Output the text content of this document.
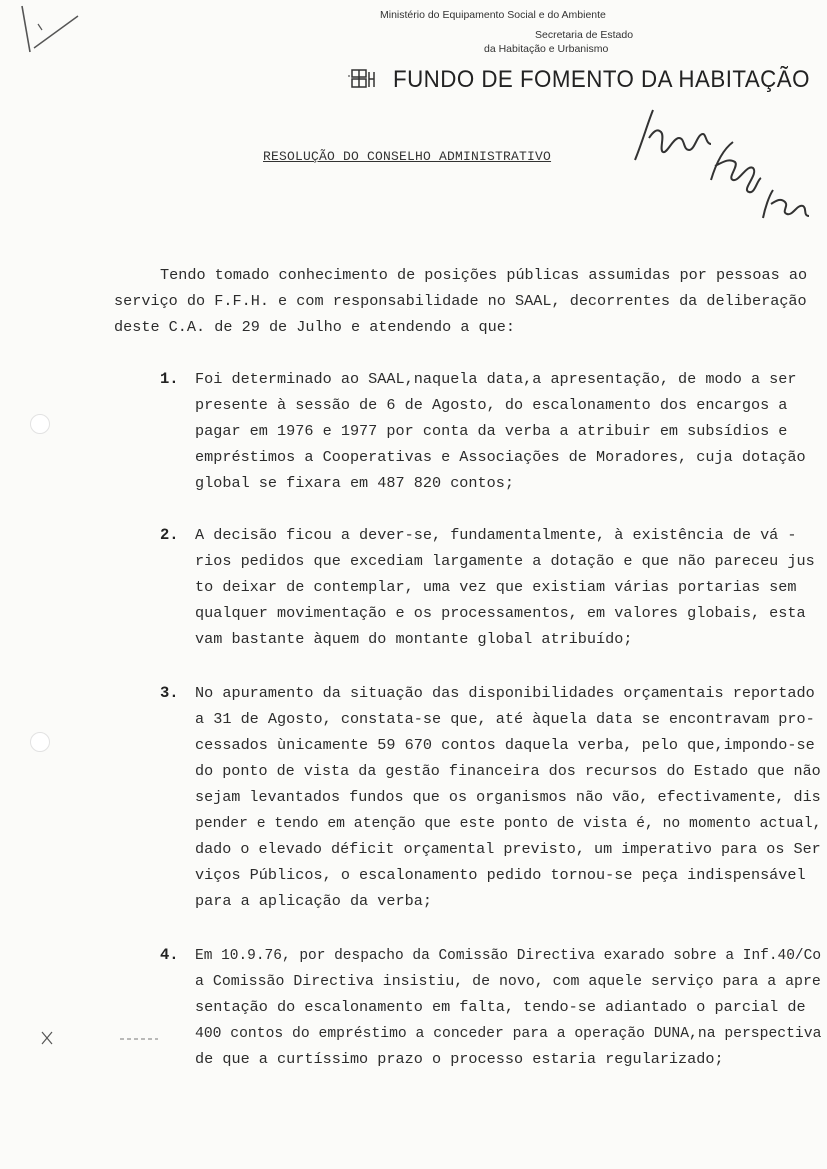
Ministério do Equipamento Social e do Ambiente
Secretaria de Estado
da Habitação e Urbanismo
FUNDO DE FOMENTO DA HABITAÇÃO
RESOLUÇÃO DO CONSELHO ADMINISTRATIVO
Tendo tomado conhecimento de posições públicas assumidas por pessoas ao
serviço do F.F.H. e com responsabilidade no SAAL, decorrentes da deliberação
deste C.A. de 29 de Julho e atendendo a que:
1. Foi determinado ao SAAL,naquela data,a apresentação, de modo a ser
presente à sessão de 6 de Agosto, do escalonamento dos encargos a
pagar em 1976 e 1977 por conta da verba a atribuir em subsídios e
empréstimos a Cooperativas e Associações de Moradores, cuja dotação
global se fixara em 487 820 contos;
2. A decisão ficou a dever-se, fundamentalmente, à existência de vá -
rios pedidos que excediam largamente a dotação e que não pareceu jus
to deixar de contemplar, uma vez que existiam várias portarias sem
qualquer movimentação e os processamentos, em valores globais, esta
vam bastante àquem do montante global atribuído;
3. No apuramento da situação das disponibilidades orçamentais reportado
a 31 de Agosto, constata-se que, até àquela data se encontravam pro-
cessados ùnicamente 59 670 contos daquela verba, pelo que,impondo-se
do ponto de vista da gestão financeira dos recursos do Estado que não
sejam levantados fundos que os organismos não vão, efectivamente, dis
pender e tendo em atenção que este ponto de vista é, no momento actual,
dado o elevado déficit orçamental previsto, um imperativo para os Ser
viços Públicos, o escalonamento pedido tornou-se peça indispensável
para a aplicação da verba;
4. Em 10.9.76, por despacho da Comissão Directiva exarado sobre a Inf.40/Co
a Comissão Directiva insistiu, de novo, com aquele serviço para a apre
sentação do escalonamento em falta, tendo-se adiantado o parcial de
400 contos do empréstimo a conceder para a operação DUNA,na perspectiva
de que a curtíssimo prazo o processo estaria regularizado;
